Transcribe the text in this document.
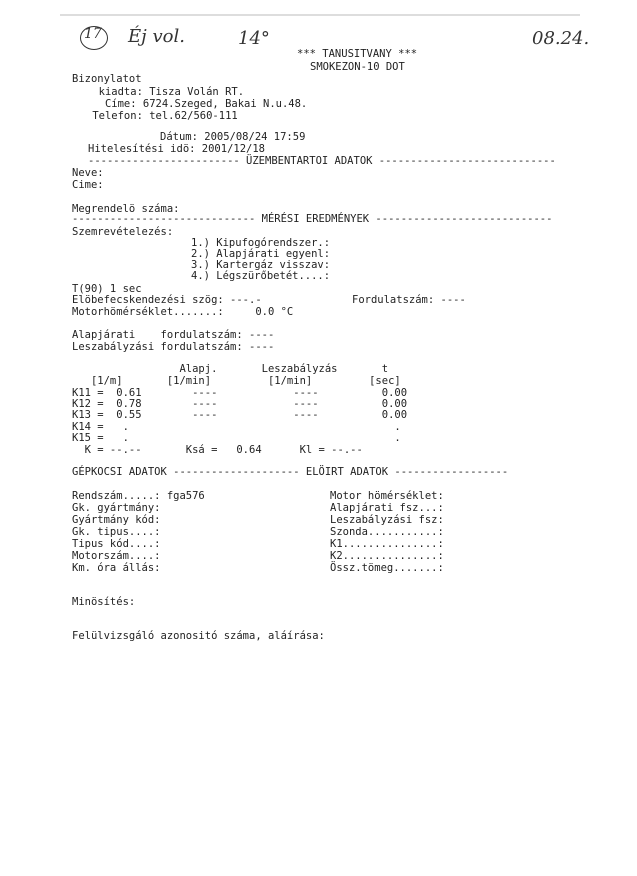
17 Éj vol.	14°	08.24.
*** TANUSITVANY ***
SMOKEZON-10 DOT
Bizonylatot
kiadta: Tisza Volán RT.
Címe: 6724.Szeged, Bakai N.u.48.
Telefon: tel.62/560-111
Dátum: 2005/08/24 17:59
Hitelesítési idö: 2001/12/18
------------------------ ÜZEMBENTARTOI ADATOK ----------------------------
Neve:
Cime:
Megrendelö száma:
----------------------------- MÉRÉSI EREDMÉNYEK ----------------------------
Szemrevételezés:
1.) Kipufogórendszer.:
2.) Alapjárati egyenl:
3.) Kartergáz visszav:
4.) Légszürőbetét....:
T(90) 1 sec
Elöbefecskendezési szög: ---.-	Fordulatszám: ----
Motorhömérséklet.......:     0.0 °C
Alapjárati    fordulatszám: ----
Leszabályzási fordulatszám: ----
Alapj.       Leszabályzás       t
[1/m]       [1/min]         [1/min]         [sec]
K11 =  0.61        ----            ----          0.00
K12 =  0.78        ----            ----          0.00
K13 =  0.55        ----            ----          0.00
K14 =   .                                          .
K15 =   .                                          .
K = --.--       Ksá =   0.64      Kl = --.--
GÉPKOCSI ADATOK -------------------- ELÖIRT ADATOK ------------------
Rendszám.....: fga576
Gk. gyártmány:
Gyártmány kód:
Gk. tipus....:
Tipus kód....:
Motorszám....:
Km. óra állás:
Motor hömérséklet:
Alapjárati fsz...:
Leszabályzási fsz:
Szonda...........:
K1...............:
K2...............:
Össz.tömeg.......:
Minösítés:
Felülvizsgáló azonositó száma, aláírása:
